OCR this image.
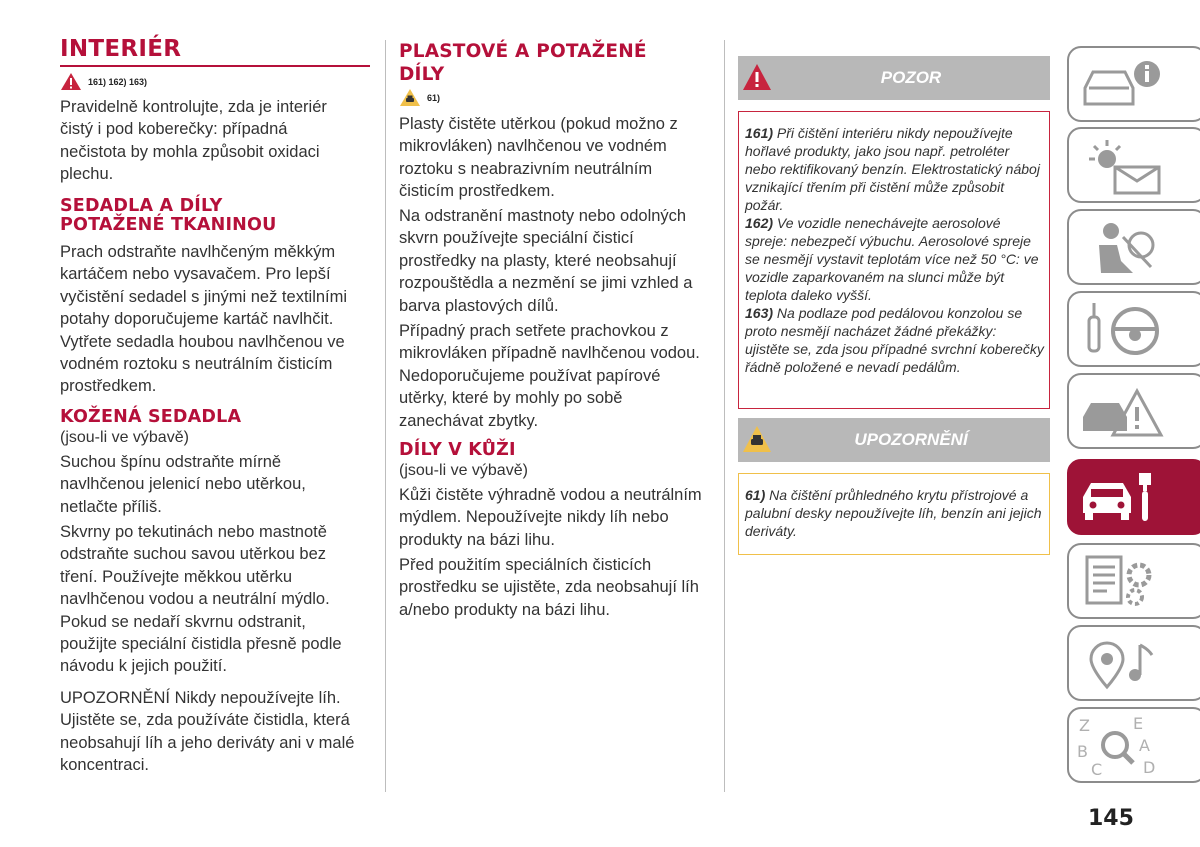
INTERIÉR
161) 162) 163)

Pravidelně kontrolujte, zda je interiér čistý i pod koberečky: případná nečistota by mohla způsobit oxidaci plechu.

SEDADLA A DÍLY
POTAŽENÉ TKANINOU

Prach odstraňte navlhčeným měkkým kartáčem nebo vysavačem. Pro lepší vyčistění sedadel s jinými než textilními potahy doporučujeme kartáč navlhčit. Vytřete sedadla houbou navlhčenou ve vodném roztoku s neutrálním čisticím prostředkem.

KOŽENÁ SEDADLA
(jsou-li ve výbavě)

Suchou špínu odstraňte mírně navlhčenou jelenicí nebo utěrkou, netlačte příliš.

Skvrny po tekutinách nebo mastnotě odstraňte suchou savou utěrkou bez tření. Používejte měkkou utěrku navlhčenou vodou a neutrální mýdlo. Pokud se nedaří skvrnu odstranit, použijte speciální čistidla přesně podle návodu k jejich použití.

UPOZORNĚNÍ Nikdy nepoužívejte líh. Ujistěte se, zda používáte čistidla, která neobsahují líh a jeho deriváty ani v malé koncentraci.

PLASTOVÉ A POTAŽENÉ
DÍLY
61)

Plasty čistěte utěrkou (pokud možno z mikrovláken) navlhčenou ve vodném roztoku s neabrazivním neutrálním čisticím prostředkem.

Na odstranění mastnoty nebo odolných skvrn používejte speciální čisticí prostředky na plasty, které neobsahují rozpouštědla a nezmění se jimi vzhled a barva plastových dílů.

Případný prach setřete prachovkou z mikrovláken případně navlhčenou vodou. Nedoporučujeme používat papírové utěrky, které by mohly po sobě zanechávat zbytky.

DÍLY V KŮŽI
(jsou-li ve výbavě)

Kůži čistěte výhradně vodou a neutrálním mýdlem. Nepoužívejte nikdy líh nebo produkty na bázi lihu.

Před použitím speciálních čisticích prostředku se ujistěte, zda neobsahují líh a/nebo produkty na bázi lihu.

POZOR
161) Při čištění interiéru nikdy nepoužívejte hořlavé produkty, jako jsou např. petroléter nebo rektifikovaný benzín. Elektrostatický náboj vznikající třením při čistění může způsobit požár.
162) Ve vozidle nenechávejte aerosolové spreje: nebezpečí výbuchu. Aerosolové spreje se nesmějí vystavit teplotám více než 50 °C: ve vozidle zaparkovaném na slunci může být teplota daleko vyšší.
163) Na podlaze pod pedálovou konzolou se proto nesmějí nacházet žádné překážky: ujistěte se, zda jsou případné svrchní koberečky řádně položené e nevadí pedálům.
UPOZORNĚNÍ
61) Na čištění průhledného krytu přístrojové a palubní desky nepoužívejte líh, benzín ani jejich deriváty.
Z	E
B	A
C	D
145
